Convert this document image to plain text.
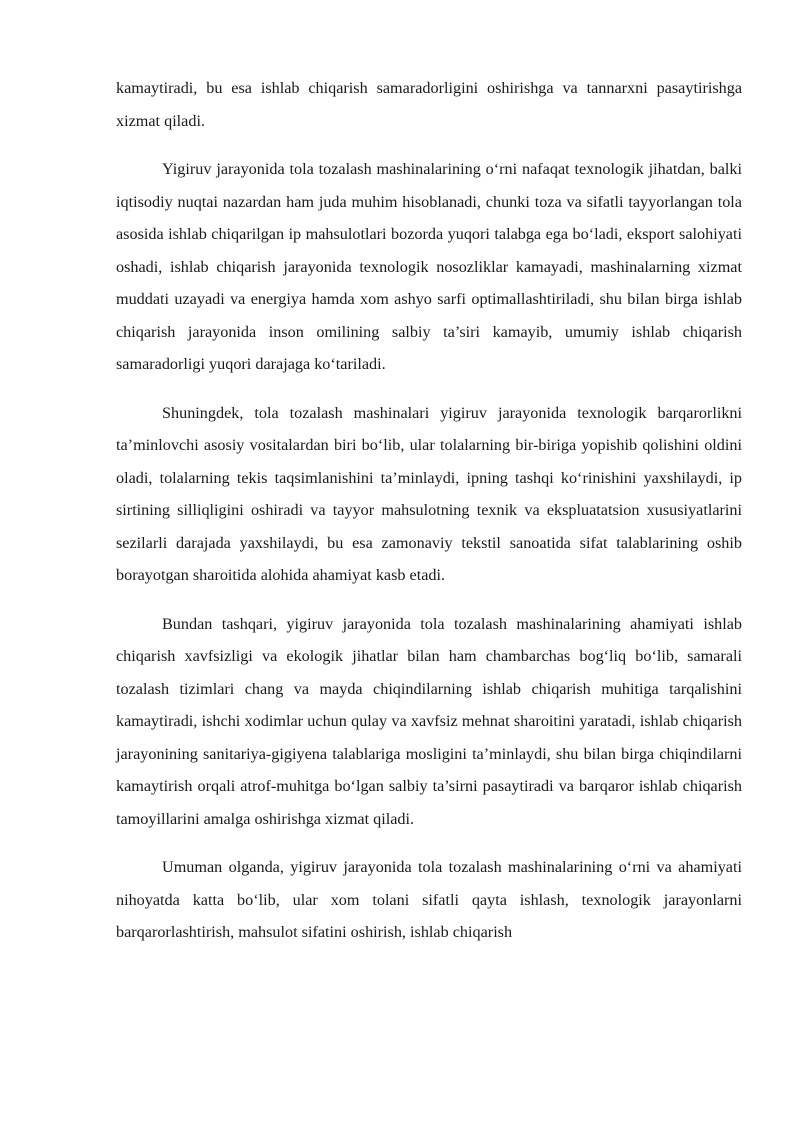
kamaytiradi, bu esa ishlab chiqarish samaradorligini oshirishga va tannarxni pasaytirishga xizmat qiladi.

Yigiruv jarayonida tola tozalash mashinalarining o‘rni nafaqat texnologik jihatdan, balki iqtisodiy nuqtai nazardan ham juda muhim hisoblanadi, chunki toza va sifatli tayyorlangan tola asosida ishlab chiqarilgan ip mahsulotlari bozorda yuqori talabga ega bo‘ladi, eksport salohiyati oshadi, ishlab chiqarish jarayonida texnologik nosozliklar kamayadi, mashinalarning xizmat muddati uzayadi va energiya hamda xom ashyo sarfi optimallashtiriladi, shu bilan birga ishlab chiqarish jarayonida inson omilining salbiy ta’siri kamayib, umumiy ishlab chiqarish samaradorligi yuqori darajaga ko‘tariladi.

Shuningdek, tola tozalash mashinalari yigiruv jarayonida texnologik barqarorlikni ta’minlovchi asosiy vositalardan biri bo‘lib, ular tolalarning bir-biriga yopishib qolishini oldini oladi, tolalarning tekis taqsimlanishini ta’minlaydi, ipning tashqi ko‘rinishini yaxshilaydi, ip sirtining silliqligini oshiradi va tayyor mahsulotning texnik va ekspluatatsion xususiyatlarini sezilarli darajada yaxshilaydi, bu esa zamonaviy tekstil sanoatida sifat talablarining oshib borayotgan sharoitida alohida ahamiyat kasb etadi.

Bundan tashqari, yigiruv jarayonida tola tozalash mashinalarining ahamiyati ishlab chiqarish xavfsizligi va ekologik jihatlar bilan ham chambarchas bog‘liq bo‘lib, samarali tozalash tizimlari chang va mayda chiqindilarning ishlab chiqarish muhitiga tarqalishini kamaytiradi, ishchi xodimlar uchun qulay va xavfsiz mehnat sharoitini yaratadi, ishlab chiqarish jarayonining sanitariya-gigiyena talablariga mosligini ta’minlaydi, shu bilan birga chiqindilarni kamaytirish orqali atrof-muhitga bo‘lgan salbiy ta’sirni pasaytiradi va barqaror ishlab chiqarish tamoyillarini amalga oshirishga xizmat qiladi.

Umuman olganda, yigiruv jarayonida tola tozalash mashinalarining o‘rni va ahamiyati nihoyatda katta bo‘lib, ular xom tolani sifatli qayta ishlash, texnologik jarayonlarni barqarorlashtirish, mahsulot sifatini oshirish, ishlab chiqarish
